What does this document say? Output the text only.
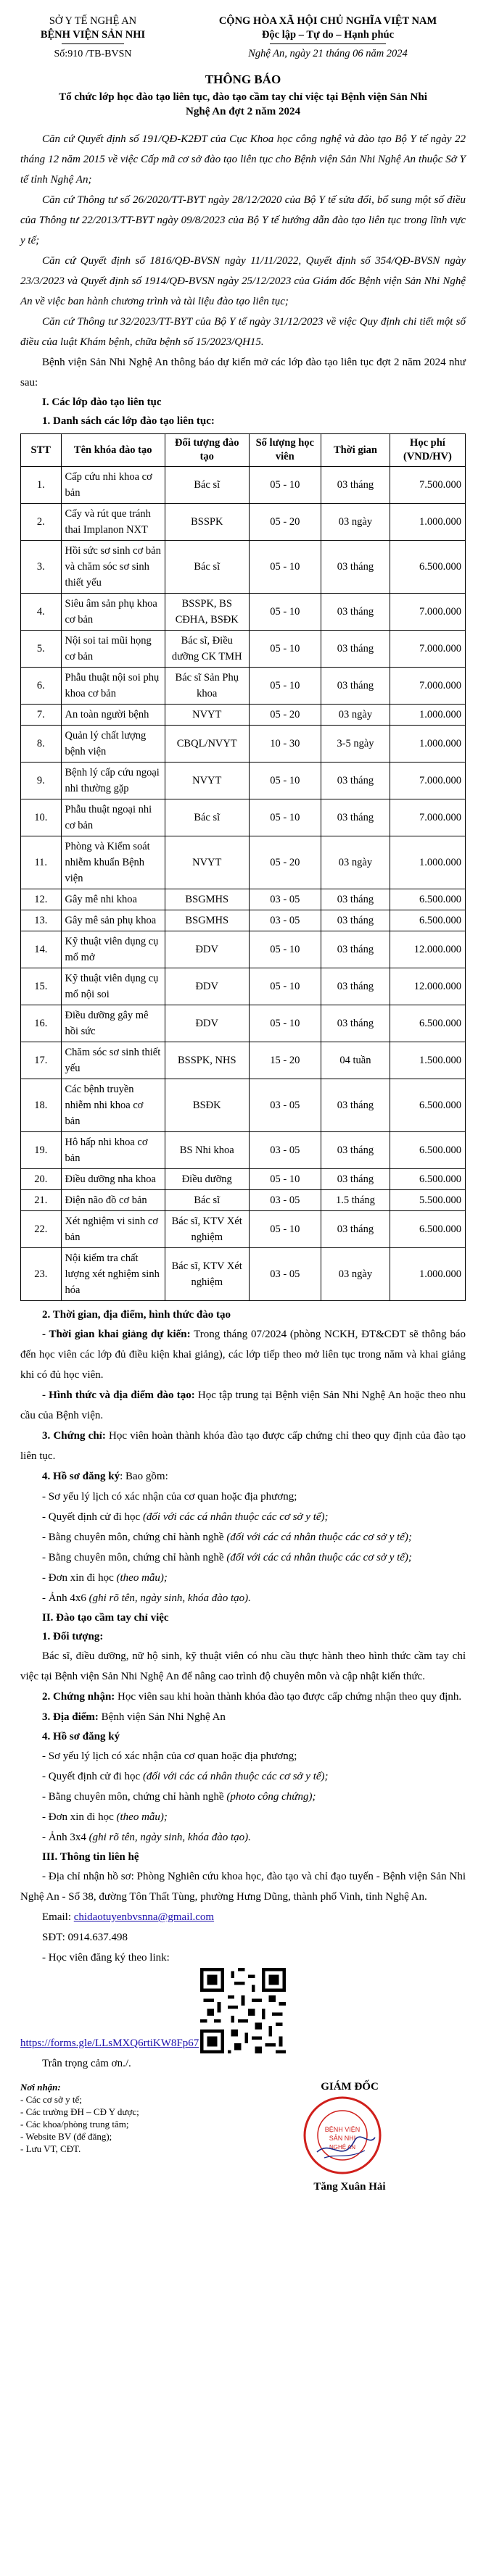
SỞ Y TẾ NGHỆ AN
BỆNH VIỆN SẢN NHI
Số:910 /TB-BVSN
CỘNG HÒA XÃ HỘI CHỦ NGHĨA VIỆT NAM
Độc lập – Tự do – Hạnh phúc
Nghệ An, ngày 21 tháng 06 năm 2024
THÔNG BÁO
Tổ chức lớp học đào tạo liên tục, đào tạo cầm tay chỉ việc tại Bệnh viện Sản Nhi Nghệ An đợt 2 năm 2024

Căn cứ Quyết định số 191/QĐ-K2ĐT của Cục Khoa học công nghệ và đào tạo Bộ Y tế ngày 22 tháng 12 năm 2015 về việc Cấp mã cơ sở đào tạo liên tục cho Bệnh viện Sản Nhi Nghệ An thuộc Sở Y tế tỉnh Nghệ An;

Căn cứ Thông tư số 26/2020/TT-BYT ngày 28/12/2020 của Bộ Y tế sửa đổi, bổ sung một số điều của Thông tư 22/2013/TT-BYT ngày 09/8/2023 của Bộ Y tế hướng dẫn đào tạo liên tục trong lĩnh vực y tế;

Căn cứ Quyết định số 1816/QĐ-BVSN ngày 11/11/2022, Quyết định số 354/QĐ-BVSN ngày 23/3/2023 và Quyết định số 1914/QĐ-BVSN ngày 25/12/2023 của Giám đốc Bệnh viện Sản Nhi Nghệ An về việc ban hành chương trình và tài liệu đào tạo liên tục;

Căn cứ Thông tư 32/2023/TT-BYT của Bộ Y tế ngày 31/12/2023 về việc Quy định chi tiết một số điều của luật Khám bệnh, chữa bệnh số 15/2023/QH15.

Bệnh viện Sản Nhi Nghệ An thông báo dự kiến mở các lớp đào tạo liên tục đợt 2 năm 2024 như sau:

I. Các lớp đào tạo liên tục
1. Danh sách các lớp đào tạo liên tục:
STT	Tên khóa đào tạo	Đối tượng đào tạo	Số lượng học viên	Thời gian	Học phí (VND/HV)
1.	Cấp cứu nhi khoa cơ bản	Bác sĩ	05 - 10	03 tháng	7.500.000
2.	Cấy và rút que tránh thai Implanon NXT	BSSPK	05 - 20	03 ngày	1.000.000
3.	Hồi sức sơ sinh cơ bản và chăm sóc sơ sinh thiết yếu	Bác sĩ	05 - 10	03 tháng	6.500.000
4.	Siêu âm sản phụ khoa cơ bản	BSSPK, BS CĐHA, BSĐK	05 - 10	03 tháng	7.000.000
5.	Nội soi tai mũi họng cơ bản	Bác sĩ, Điều dưỡng CK TMH	05 - 10	03 tháng	7.000.000
6.	Phẫu thuật nội soi phụ khoa cơ bản	Bác sĩ Sản Phụ khoa	05 - 10	03 tháng	7.000.000
7.	An toàn người bệnh	NVYT	05 - 20	03 ngày	1.000.000
8.	Quản lý chất lượng bệnh viện	CBQL/NVYT	10 - 30	3-5 ngày	1.000.000
9.	Bệnh lý cấp cứu ngoại nhi thường gặp	NVYT	05 - 10	03 tháng	7.000.000
10.	Phẫu thuật ngoại nhi cơ bản	Bác sĩ	05 - 10	03 tháng	7.000.000
11.	Phòng và Kiểm soát nhiễm khuẩn Bệnh viện	NVYT	05 - 20	03 ngày	1.000.000
12.	Gây mê nhi khoa	BSGMHS	03 - 05	03 tháng	6.500.000
13.	Gây mê sản phụ khoa	BSGMHS	03 - 05	03 tháng	6.500.000
14.	Kỹ thuật viên dụng cụ mổ mở	ĐDV	05 - 10	03 tháng	12.000.000
15.	Kỹ thuật viên dụng cụ mổ nội soi	ĐDV	05 - 10	03 tháng	12.000.000
16.	Điều dưỡng gây mê hồi sức	ĐDV	05 - 10	03 tháng	6.500.000
17.	Chăm sóc sơ sinh thiết yếu	BSSPK, NHS	15 - 20	04 tuần	1.500.000
18.	Các bệnh truyền nhiễm nhi khoa cơ bản	BSĐK	03 - 05	03 tháng	6.500.000
19.	Hô hấp nhi khoa cơ bản	BS Nhi khoa	03 - 05	03 tháng	6.500.000
20.	Điều dưỡng nha khoa	Điều dưỡng	05 - 10	03 tháng	6.500.000
21.	Điện não đồ cơ bản	Bác sĩ	03 - 05	1.5 tháng	5.500.000
22.	Xét nghiệm vi sinh cơ bản	Bác sĩ, KTV Xét nghiệm	05 - 10	03 tháng	6.500.000
23.	Nội kiểm tra chất lượng xét nghiệm sinh hóa	Bác sĩ, KTV Xét nghiệm	03 - 05	03 ngày	1.000.000
2. Thời gian, địa điểm, hình thức đào tạo

- Thời gian khai giảng dự kiến: Trong tháng 07/2024 (phòng NCKH, ĐT&CĐT sẽ thông báo đến học viên các lớp đủ điều kiện khai giảng), các lớp tiếp theo mở liên tục trong năm và khai giảng khi có đủ học viên.

- Hình thức và địa điểm đào tạo: Học tập trung tại Bệnh viện Sản Nhi Nghệ An hoặc theo nhu cầu của Bệnh viện.

3. Chứng chỉ: Học viên hoàn thành khóa đào tạo được cấp chứng chỉ theo quy định của đào tạo liên tục.

4. Hồ sơ đăng ký: Bao gồm:

- Sơ yếu lý lịch có xác nhận của cơ quan hoặc địa phương;

- Quyết định cử đi học (đối với các cá nhân thuộc các cơ sở y tế);

- Bằng chuyên môn, chứng chỉ hành nghề (đối với các cá nhân thuộc các cơ sở y tế);

- Bằng chuyên môn, chứng chỉ hành nghề (đối với các cá nhân thuộc các cơ sở y tế);

- Đơn xin đi học (theo mẫu);

- Ảnh 4x6 (ghi rõ tên, ngày sinh, khóa đào tạo).

II. Đào tạo cầm tay chỉ việc
1. Đối tượng:

Bác sĩ, điều dưỡng, nữ hộ sinh, kỹ thuật viên có nhu cầu thực hành theo hình thức cầm tay chỉ việc tại Bệnh viện Sản Nhi Nghệ An để nâng cao trình độ chuyên môn và cập nhật kiến thức.

2. Chứng nhận: Học viên sau khi hoàn thành khóa đào tạo được cấp chứng nhận theo quy định.

3. Địa điểm: Bệnh viện Sản Nhi Nghệ An

4. Hồ sơ đăng ký

- Sơ yếu lý lịch có xác nhận của cơ quan hoặc địa phương;

- Quyết định cử đi học (đối với các cá nhân thuộc các cơ sở y tế);

- Bằng chuyên môn, chứng chỉ hành nghề (photo công chứng);

- Đơn xin đi học (theo mẫu);

- Ảnh 3x4 (ghi rõ tên, ngày sinh, khóa đào tạo).

III. Thông tin liên hệ

- Địa chỉ nhận hồ sơ: Phòng Nghiên cứu khoa học, đào tạo và chỉ đạo tuyến - Bệnh viện Sản Nhi Nghệ An - Số 38, đường Tôn Thất Tùng, phường Hưng Dũng, thành phố Vinh, tỉnh Nghệ An.

Email: chidaotuyenbvsnna@gmail.com

SĐT: 0914.637.498

- Học viên đăng ký theo link:
https://forms.gle/LLsMXQ6rtiKW8Fp67

Trân trọng cảm ơn./.

Nơi nhận:
- Các cơ sở y tế;
- Các trường ĐH – CĐ Y dược;
- Các khoa/phòng trung tâm;
- Website BV (để đăng);
- Lưu VT, CĐT.
GIÁM ĐỐC
BỆNH VIỆN
SẢN NHI
NGHỆ AN
Tăng Xuân Hải
